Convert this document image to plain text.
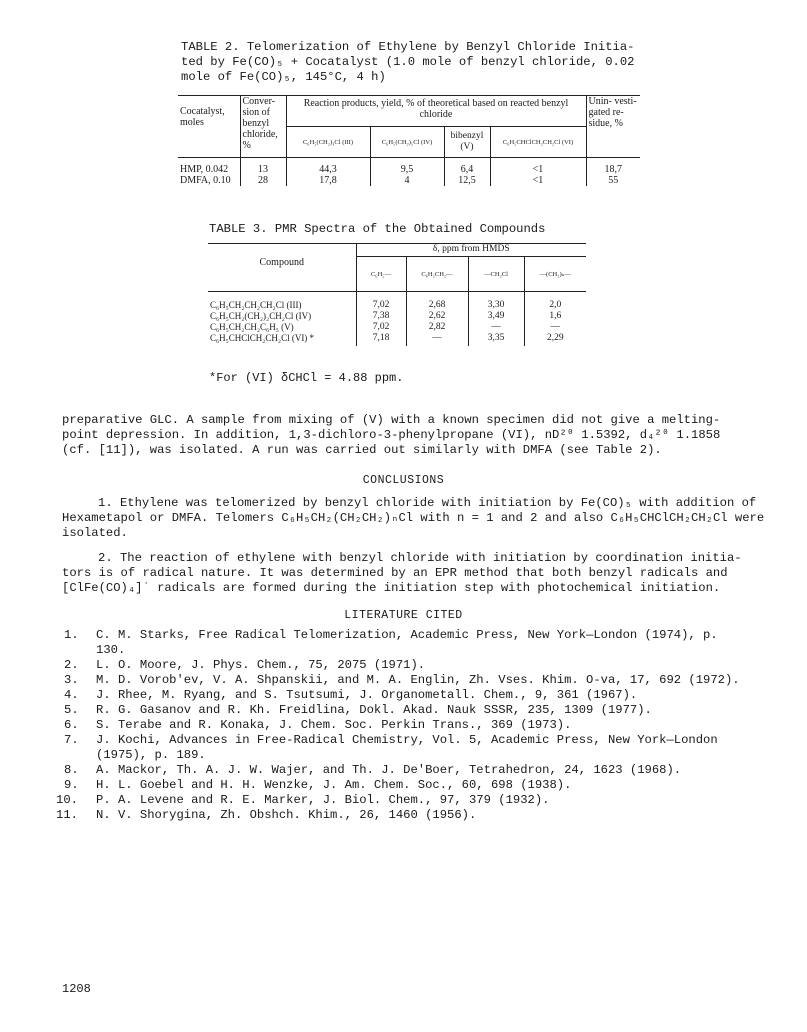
TABLE 2. Telomerization of Ethylene by Benzyl Chloride Initia-
ted by Fe(CO)₅ + Cocatalyst (1.0 mole of benzyl chloride, 0.02
mole of Fe(CO)₅, 145°C, 4 h)
Cocatalyst, moles	Conver- sion of benzyl chloride, %	Reaction products, yield, % of theoretical based on reacted benzyl chloride				Unin- vesti- gated re- sidue, %
		C₆H₅(CH₂)₃Cl (III)	C₆H₅(CH₂)₅Cl (IV)	bibenzyl (V)	C₆H₅CHClCH₂CH₂Cl (VI)	
HMP, 0.042	13	44,3	9,5	6,4	<1	18,7
DMFA, 0.10	28	17,8	4	12,5	<1	55
TABLE 3. PMR Spectra of the Obtained Compounds
Compound	δ, ppm from HMDS			
	C₆H₅—	C₆H₅CH₂—	—CH₂Cl	—(CH₂)ₙ—
C₆H₅CH₂CH₂CH₂Cl (III)	7,02	2,68	3,30	2,0
C₆H₅CH₂(CH₂)₂CH₂Cl (IV)	7,38	2,62	3,49	1,6
C₆H₅CH₂CH₂C₆H₅ (V)	7,02	2,82	—	—
C₆H₅CHClCH₂CH₂Cl (VI) *	7,18	—	3,35	2,29
*For (VI) δCHCl = 4.88 ppm.
preparative GLC. A sample from mixing of (V) with a known specimen did not give a melting-
point depression. In addition, 1,3-dichloro-3-phenylpropane (VI), nD²⁰ 1.5392, d₄²⁰ 1.1858
(cf. [11]), was isolated. A run was carried out similarly with DMFA (see Table 2).
CONCLUSIONS
1. Ethylene was telomerized by benzyl chloride with initiation by Fe(CO)₅ with addition of
Hexametapol or DMFA. Telomers C₆H₅CH₂(CH₂CH₂)ₙCl with n = 1 and 2 and also C₆H₅CHClCH₂CH₂Cl were
isolated.
2. The reaction of ethylene with benzyl chloride with initiation by coordination initia-
tors is of radical nature. It was determined by an EPR method that both benzyl radicals and
[ClFe(CO)₄]˙ radicals are formed during the initiation step with photochemical initiation.
LITERATURE CITED
1.	C. M. Starks, Free Radical Telomerization, Academic Press, New York—London (1974), p.
130.
2.	L. O. Moore, J. Phys. Chem., 75, 2075 (1971).
3.	M. D. Vorob'ev, V. A. Shpanskii, and M. A. Englin, Zh. Vses. Khim. O-va, 17, 692 (1972).
4.	J. Rhee, M. Ryang, and S. Tsutsumi, J. Organometall. Chem., 9, 361 (1967).
5.	R. G. Gasanov and R. Kh. Freidlina, Dokl. Akad. Nauk SSSR, 235, 1309 (1977).
6.	S. Terabe and R. Konaka, J. Chem. Soc. Perkin Trans., 369 (1973).
7.	J. Kochi, Advances in Free-Radical Chemistry, Vol. 5, Academic Press, New York—London
(1975), p. 189.
8.	A. Mackor, Th. A. J. W. Wajer, and Th. J. De'Boer, Tetrahedron, 24, 1623 (1968).
9.	H. L. Goebel and H. H. Wenzke, J. Am. Chem. Soc., 60, 698 (1938).
10.	P. A. Levene and R. E. Marker, J. Biol. Chem., 97, 379 (1932).
11.	N. V. Shorygina, Zh. Obshch. Khim., 26, 1460 (1956).
1208
